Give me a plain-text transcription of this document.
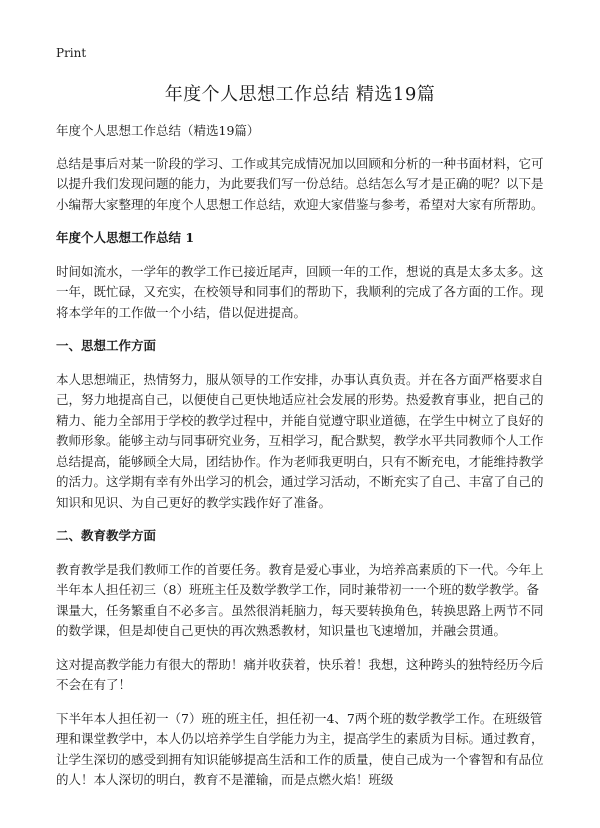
Print
年度个人思想工作总结 精选19篇

年度个人思想工作总结（精选19篇）

总结是事后对某一阶段的学习、工作或其完成情况加以回顾和分析的一种书面材料，它可以提升我们发现问题的能力，为此要我们写一份总结。总结怎么写才是正确的呢？以下是小编帮大家整理的年度个人思想工作总结，欢迎大家借鉴与参考，希望对大家有所帮助。

年度个人思想工作总结 1

时间如流水，一学年的教学工作已接近尾声，回顾一年的工作，想说的真是太多太多。这一年，既忙碌，又充实，在校领导和同事们的帮助下，我顺利的完成了各方面的工作。现将本学年的工作做一个小结，借以促进提高。

一、思想工作方面

本人思想端正，热情努力，服从领导的工作安排，办事认真负责。并在各方面严格要求自己，努力地提高自己，以便使自己更快地适应社会发展的形势。热爱教育事业，把自己的精力、能力全部用于学校的教学过程中，并能自觉遵守职业道德，在学生中树立了良好的教师形象。能够主动与同事研究业务，互相学习，配合默契，教学水平共同教师个人工作总结提高，能够顾全大局，团结协作。作为老师我更明白，只有不断充电，才能维持教学的活力。这学期有幸有外出学习的机会，通过学习活动，不断充实了自己、丰富了自己的知识和见识、为自己更好的教学实践作好了准备。

二、教育教学方面

教育教学是我们教师工作的首要任务。教育是爱心事业，为培养高素质的下一代。今年上半年本人担任初三（8）班班主任及数学教学工作，同时兼带初一一个班的数学教学。备课量大，任务繁重自不必多言。虽然很消耗脑力，每天要转换角色，转换思路上两节不同的数学课，但是却使自己更快的再次熟悉教材，知识量也飞速增加，并融会贯通。

这对提高教学能力有很大的帮助！痛并收获着，快乐着！我想，这种跨头的独特经历今后不会在有了！

下半年本人担任初一（7）班的班主任，担任初一4、7两个班的数学教学工作。在班级管理和课堂教学中，本人仍以培养学生自学能力为主，提高学生的素质为目标。通过教育，让学生深切的感受到拥有知识能够提高生活和工作的质量，使自己成为一个睿智和有品位的人！本人深切的明白，教育不是灌输，而是点燃火焰！班级
